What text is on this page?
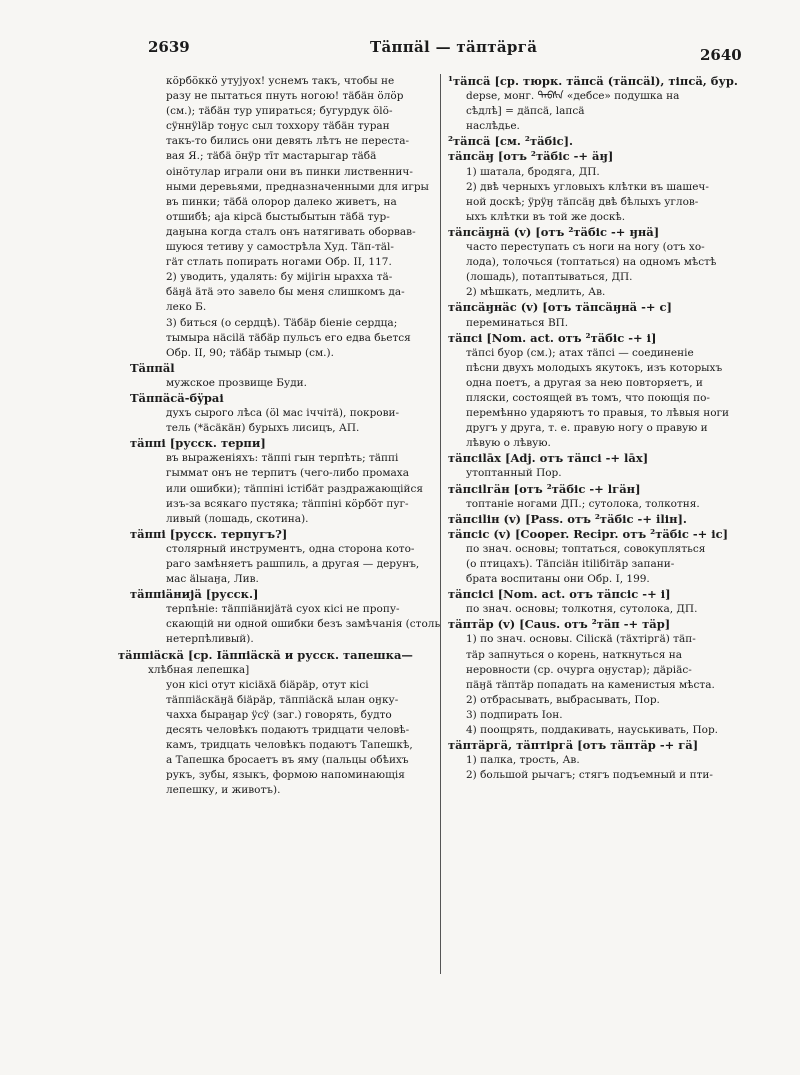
2639	Тäппäl — тäптäргä	2640
кӧрбӧккӧ утујуох! уснемъ такъ, чтобы не
разу не пытаться пнуть ногою! тäбäн ӧлӧр
(см.); тäбäн тур упираться; бугурдук ӧlӧ-
сÿннÿläр тоӈус сыл тоххору тäбäн туран
такъ-то бились они девять лѣтъ не переста-
вая Я.; тäбä ӧнÿр тīт мастарыгар тäбä
оінӧтулар играли они въ пинки лиственнич-
ными деревьями, предназначенными для игры
въ пинки; тäбä олорор далеко живетъ, на
отшибѣ; аја кірсä быстыбытын тäбä тур-
даӈына когда сталъ онъ натягивать оборвав-
шуюся тетиву у самострѣла Худ. Тäп-тäl-
гäт стлать попирать ногами Обр. II, 117.
2) уводить, удалять: бу міјігін ыраххa тä-
бäӈä äтä это завело бы меня слишкомъ да-
леко Б.
3) биться (о сердцѣ). Тäбäр біеніе сердца;
тымыра нäсіlä тäбäр пульсъ его едва бьется
Обр. II, 90; тäбäр тымыр (см.).
Тäппäl
мужское прозвище Буди.
Тäппäсä-бÿраі
духъ сырого лѣса (ӧl мас іччітä), покрови-
тель (*äсäкäн) бурыхъ лисицъ, АП.
тäппі [русск. терпи]
въ выраженіяхъ: тäппі гын терпѣть; тäппі
гыммат онъ не терпитъ (чего-либо промаха
или ошибки); тäппіні істібäт раздражающійся
изъ-за всякаго пустяка; тäппіні кӧрбӧт пуг-
ливый (лошадь, скотина).
тäппі [русск. терпугъ?]
столярный инструментъ, одна сторона кото-
раго замѣняетъ рашпиль, а другая — дерунъ,
мас älыаӈа, Лив.
тäппіäнијä [русск.]
терпѣніе: тäппіäнијäтä суох кісі не пропу-
скающій ни одной ошибки безъ замѣчанія (столь
нетерпѣливый).
тäппіäскä [ср. Іäппіäскä и русск. тапешка—
хлѣбная лепешка]
уон кісі отут кісіäхä біäрäр, отут кісі
тäппіäскäӈä біäрäр, тäппіäскä ылан оӈку-
чахха быраӈар ÿсÿ (заг.) говорять, будто
десять человѣкъ подаютъ тридцати человѣ-
камъ, тридцать человѣкъ подаютъ Тапешкѣ,
а Тапешка бросаетъ въ яму (пальцы обѣихъ
рукъ, зубы, языкъ, формою напоминающія
лепешку, и животъ).
¹тäпсä [ср. тюрк. тäпсä (тäпсäl), тіпсä, бур.
depse, монг. ᠳᠡᠪᠰᠡ «дебсе» подушка на
сѣдлѣ] = дäпсä, lапсä
наслѣдье.
²тäпсä [см. ²тäбіс].
тäпсäӈ [отъ ²тäбіс -+ äӈ]
1) шатала, бродяга, ДП.
2) двѣ черныхъ угловыхъ клѣтки въ шашеч-
ной доскѣ; ÿрÿӈ тäпсäӈ двѣ бѣлыхъ углов-
ыхъ клѣтки въ той же доскѣ.
тäпсäӈнä (v) [отъ ²тäбіс -+ ӈнä]
часто переступать съ ноги на ногу (отъ хо-
лода), толочься (топтаться) на одномъ мѣстѣ
(лошадь), потаптываться, ДП.
2) мѣшкать, медлить, Ав.
тäпсäӈнäс (v) [отъ тäпсäӈнä -+ с]
переминаться ВП.
тäпсі [Nom. act. отъ ²тäбіс -+ і]
тäпсі буор (см.); атах тäпсі — соединеніе
пѣсни двухъ молодыхъ якутокъ, изъ которыхъ
одна поетъ, а другая за нею повторяетъ, и
пляски, состоящей въ томъ, что поющія по-
перемѣнно ударяютъ то правыя, то лѣвыя ноги
другъ у друга, т. е. правую ногу о правую и
лѣвую о лѣвую.
тäпсіlāх [Adj. отъ тäпсі -+ lāх]
утоптанный Пор.
тäпсіlгäн [отъ ²тäбіс -+ lгäн]
топтаніе ногами ДП.; сутолока, толкотня.
тäпсіlін (v) [Pass. отъ ²тäбіс -+ ilін].
тäпсіс (v) [Cooper. Recipr. отъ ²тäбіс -+ іс]
по знач. основы; топтаться, совокупляться
(о птицахъ). Тäпсіäн іtilібітäр запани-
брата воспитаны они Обр. I, 199.
тäпсіcі [Nom. act. отъ тäпсіс -+ і]
по знач. основы; толкотня, сутолока, ДП.
тäптäр (v) [Caus. отъ ²тäп -+ тäр]
1) по знач. основы. Сіlіскä (тäхтіргä) тäп-
тäр запнуться о корень, наткнуться на
неровности (ср. очурга оӈустар); дäріäс-
пäӈä тäптäр попадать на каменистыя мѣста.
2) отбрасывать, выбрасывать, Пор.
3) подпирать Іон.
4) поощрять, поддакивать, науськивать, Пор.
тäптäргä, тäптіргä [отъ тäптäр -+ гä]
1) палка, трость, Ав.
2) большой рычагъ; стягъ подъемный и пти-
